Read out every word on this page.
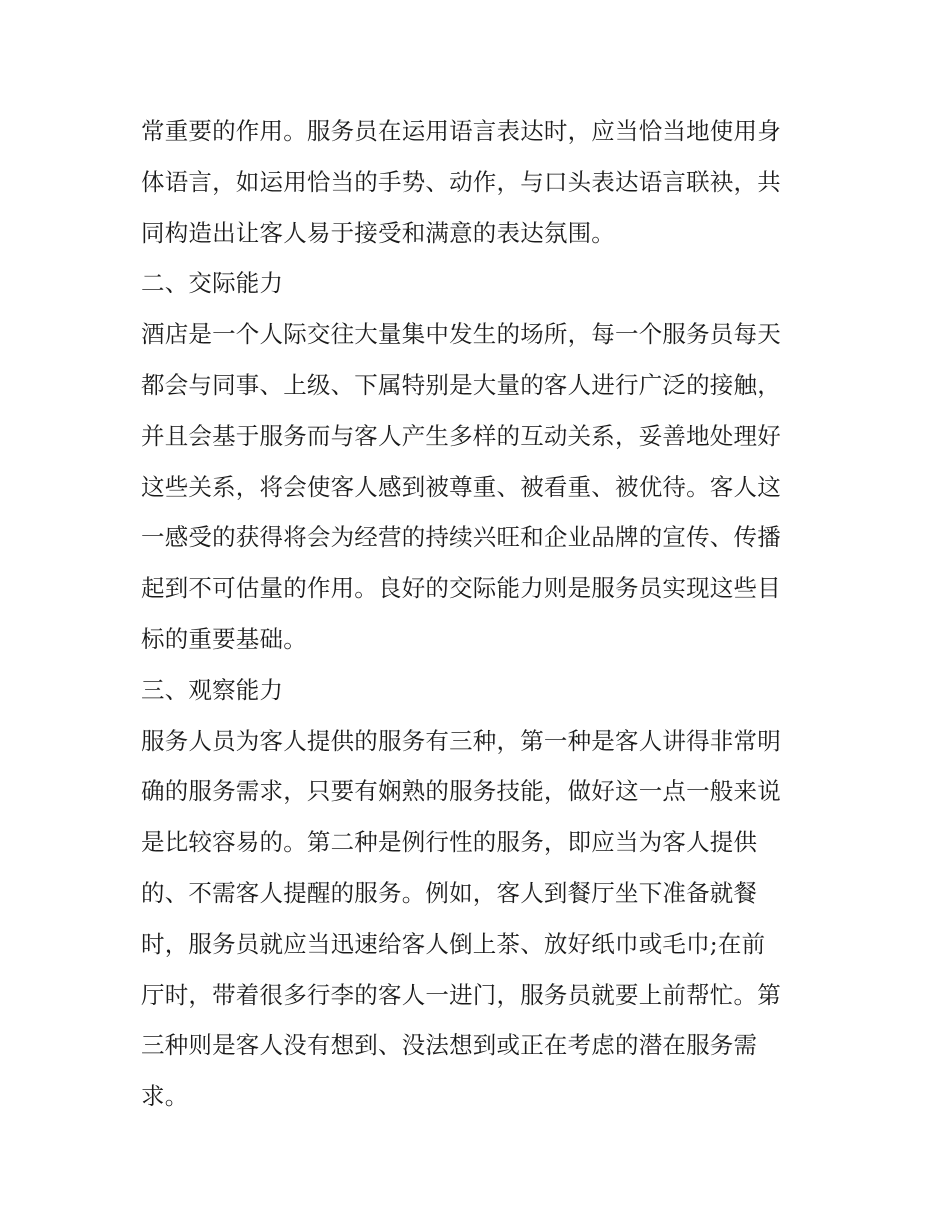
常重要的作用。服务员在运用语言表达时，应当恰当地使用身
体语言，如运用恰当的手势、动作，与口头表达语言联袂，共
同构造出让客人易于接受和满意的表达氛围。
二、交际能力
酒店是一个人际交往大量集中发生的场所，每一个服务员每天
都会与同事、上级、下属特别是大量的客人进行广泛的接触，
并且会基于服务而与客人产生多样的互动关系，妥善地处理好
这些关系，将会使客人感到被尊重、被看重、被优待。客人这
一感受的获得将会为经营的持续兴旺和企业品牌的宣传、传播
起到不可估量的作用。良好的交际能力则是服务员实现这些目
标的重要基础。
三、观察能力
服务人员为客人提供的服务有三种，第一种是客人讲得非常明
确的服务需求，只要有娴熟的服务技能，做好这一点一般来说
是比较容易的。第二种是例行性的服务，即应当为客人提供
的、不需客人提醒的服务。例如，客人到餐厅坐下准备就餐
时，服务员就应当迅速给客人倒上茶、放好纸巾或毛巾;在前
厅时，带着很多行李的客人一进门，服务员就要上前帮忙。第
三种则是客人没有想到、没法想到或正在考虑的潜在服务需
求。
